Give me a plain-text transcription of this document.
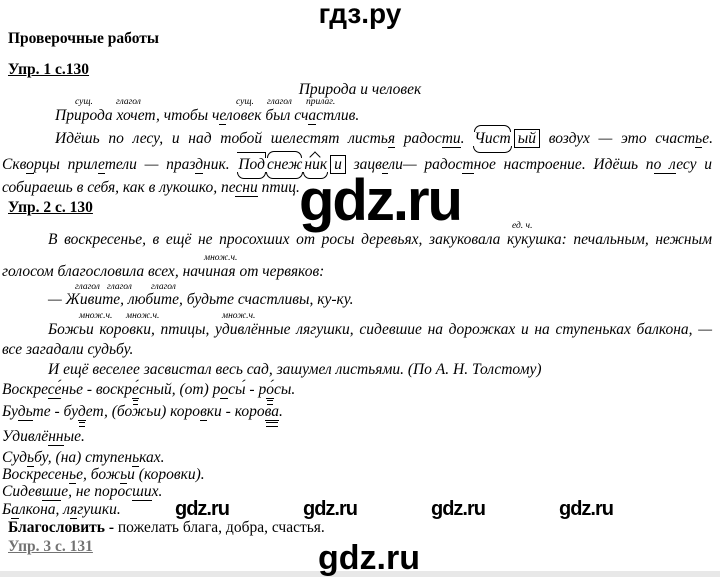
гдз.ру
gdz.ru
gdz.ru	gdz.ru	gdz.ru	gdz.ru
gdz.ru
Проверочные работы
Упр. 1 с.130
Природа и человек
сущ. глагол	сущ. глагол прилаг.
Природа хочет, чтобы человек был счастлив.
Идёшь по лесу, и над тобой шелестят листья радости. Чист ый воздух — это счастье.
Скворцы прилетели — праздник. Под снеж ник и зацвели— радостное настроение. Идёшь по лесу и
собираешь в себя, как в лукошко, песни птиц.
Упр. 2 с. 130
ед. ч.
В воскресенье, в ещё не просохших от росы деревьях, закуковала кукушка: печальным, нежным
множ.ч.
голосом благословила всех, начиная от червяков:
глагол глагол глагол
— Живите, любите, будьте счастливы, ку-ку.
множ.ч. множ.ч.	множ.ч.
Божьи коровки, птицы, удивлённые лягушки, сидевшие на дорожках и на ступеньках балкона, —
все загадали судьбу.
И ещё веселее засвистал весь сад, зашумел листьями. (По А. Н. Толстому)
Воскресе́нье - воскре́сный, (от) росы́ - ро́сы.
Будьте - будет, (божьи) коровки - корова.
Удивлённые.
Судьбу, (на) ступеньках.
Воскресенье, божьи (коровки).
Сидевшие, не поросших.
Балкона, лягушки.
Благословить - пожелать блага, добра, счастья.
Упр. 3 с. 131
